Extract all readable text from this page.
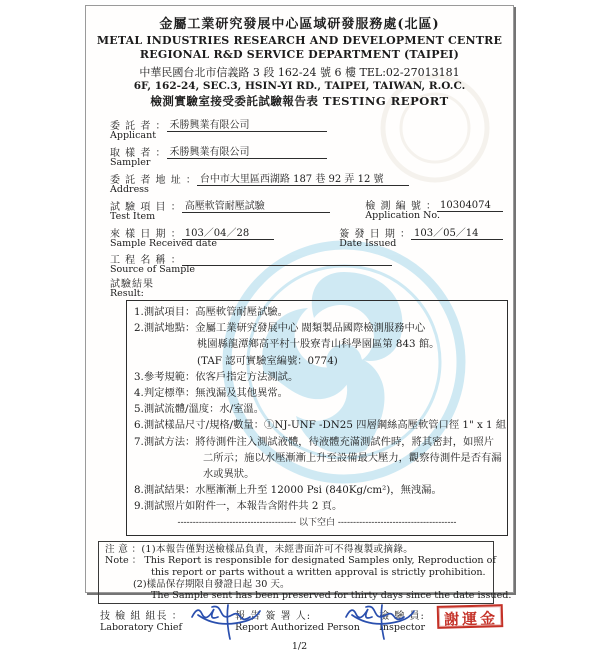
金屬工業研究發展中心區域研發服務處(北區)
METAL INDUSTRIES RESEARCH AND DEVELOPMENT CENTRE
REGIONAL R&D SERVICE DEPARTMENT (TAIPEI)
中華民國台北市信義路 3 段 162-24 號 6 樓 TEL:02-27013181
6F, 162-24, SEC.3, HSIN-YI RD., TAIPEI, TAIWAN, R.O.C.
檢測實驗室接受委託試驗報告表 TESTING REPORT
委 託 者 ： 禾勝興業有限公司
Applicant
取 樣 者 ： 禾勝興業有限公司
Sampler
委 託 者 地 址 ： 台中市大里區西湖路 187 巷 92 弄 12 號
Address
試 驗 項 目 ： 高壓軟管耐壓試驗
Test Item
檢 測 編 號 ： 10304074
Application No.
來 樣 日 期 ： 103／04／28
Sample Received date
簽 發 日 期 ： 103／05／14
Date Issued
工 程 名 稱 ：
Source of Sample
試驗結果
Result:
1.測試項目：高壓軟管耐壓試驗。
2.測試地點：金屬工業研究發展中心 閥類製品國際檢測服務中心
桃園縣龍潭鄉高平村十股寮青山科學園區第 843 館。
(TAF 認可實驗室編號：0774)
3.參考規範：依客戶指定方法測試。
4.判定標準：無洩漏及其他異常。
5.測試流體/溫度：水/室溫。
6.測試樣品尺寸/規格/數量：①NJ-UNF -DN25 四層鋼絲高壓軟管口徑 1" x 1 組
7.測試方法：將待測件注入測試液體，待液體充滿測試件時，將其密封，如照片
二所示；施以水壓漸漸上升至設備最大壓力，觀察待測件是否有漏
水或異狀。
8.測試結果：水壓漸漸上升至 12000 Psi (840Kg/cm²)，無洩漏。
9.測試照片如附件一，本報告含附件共 2 頁。
--------------------------------------- 以下空白 ---------------------------------------
注 意 ：(1)本報告僅對送檢樣品負責，未經書面許可不得複製或摘錄。
Note ： This Report is responsible for designated Samples only, Reproduction of
this report or parts without a written approval is strictly prohibition.
(2)樣品保存期限自發證日起 30 天。
The Sample sent has been preserved for thirty days since the date issued.
技 檢 組 組長 ：
Laboratory Chief
報 告 簽 署 人:
Report Authorized Person
檢 驗 員:
Inspector	謝運金
1/2
